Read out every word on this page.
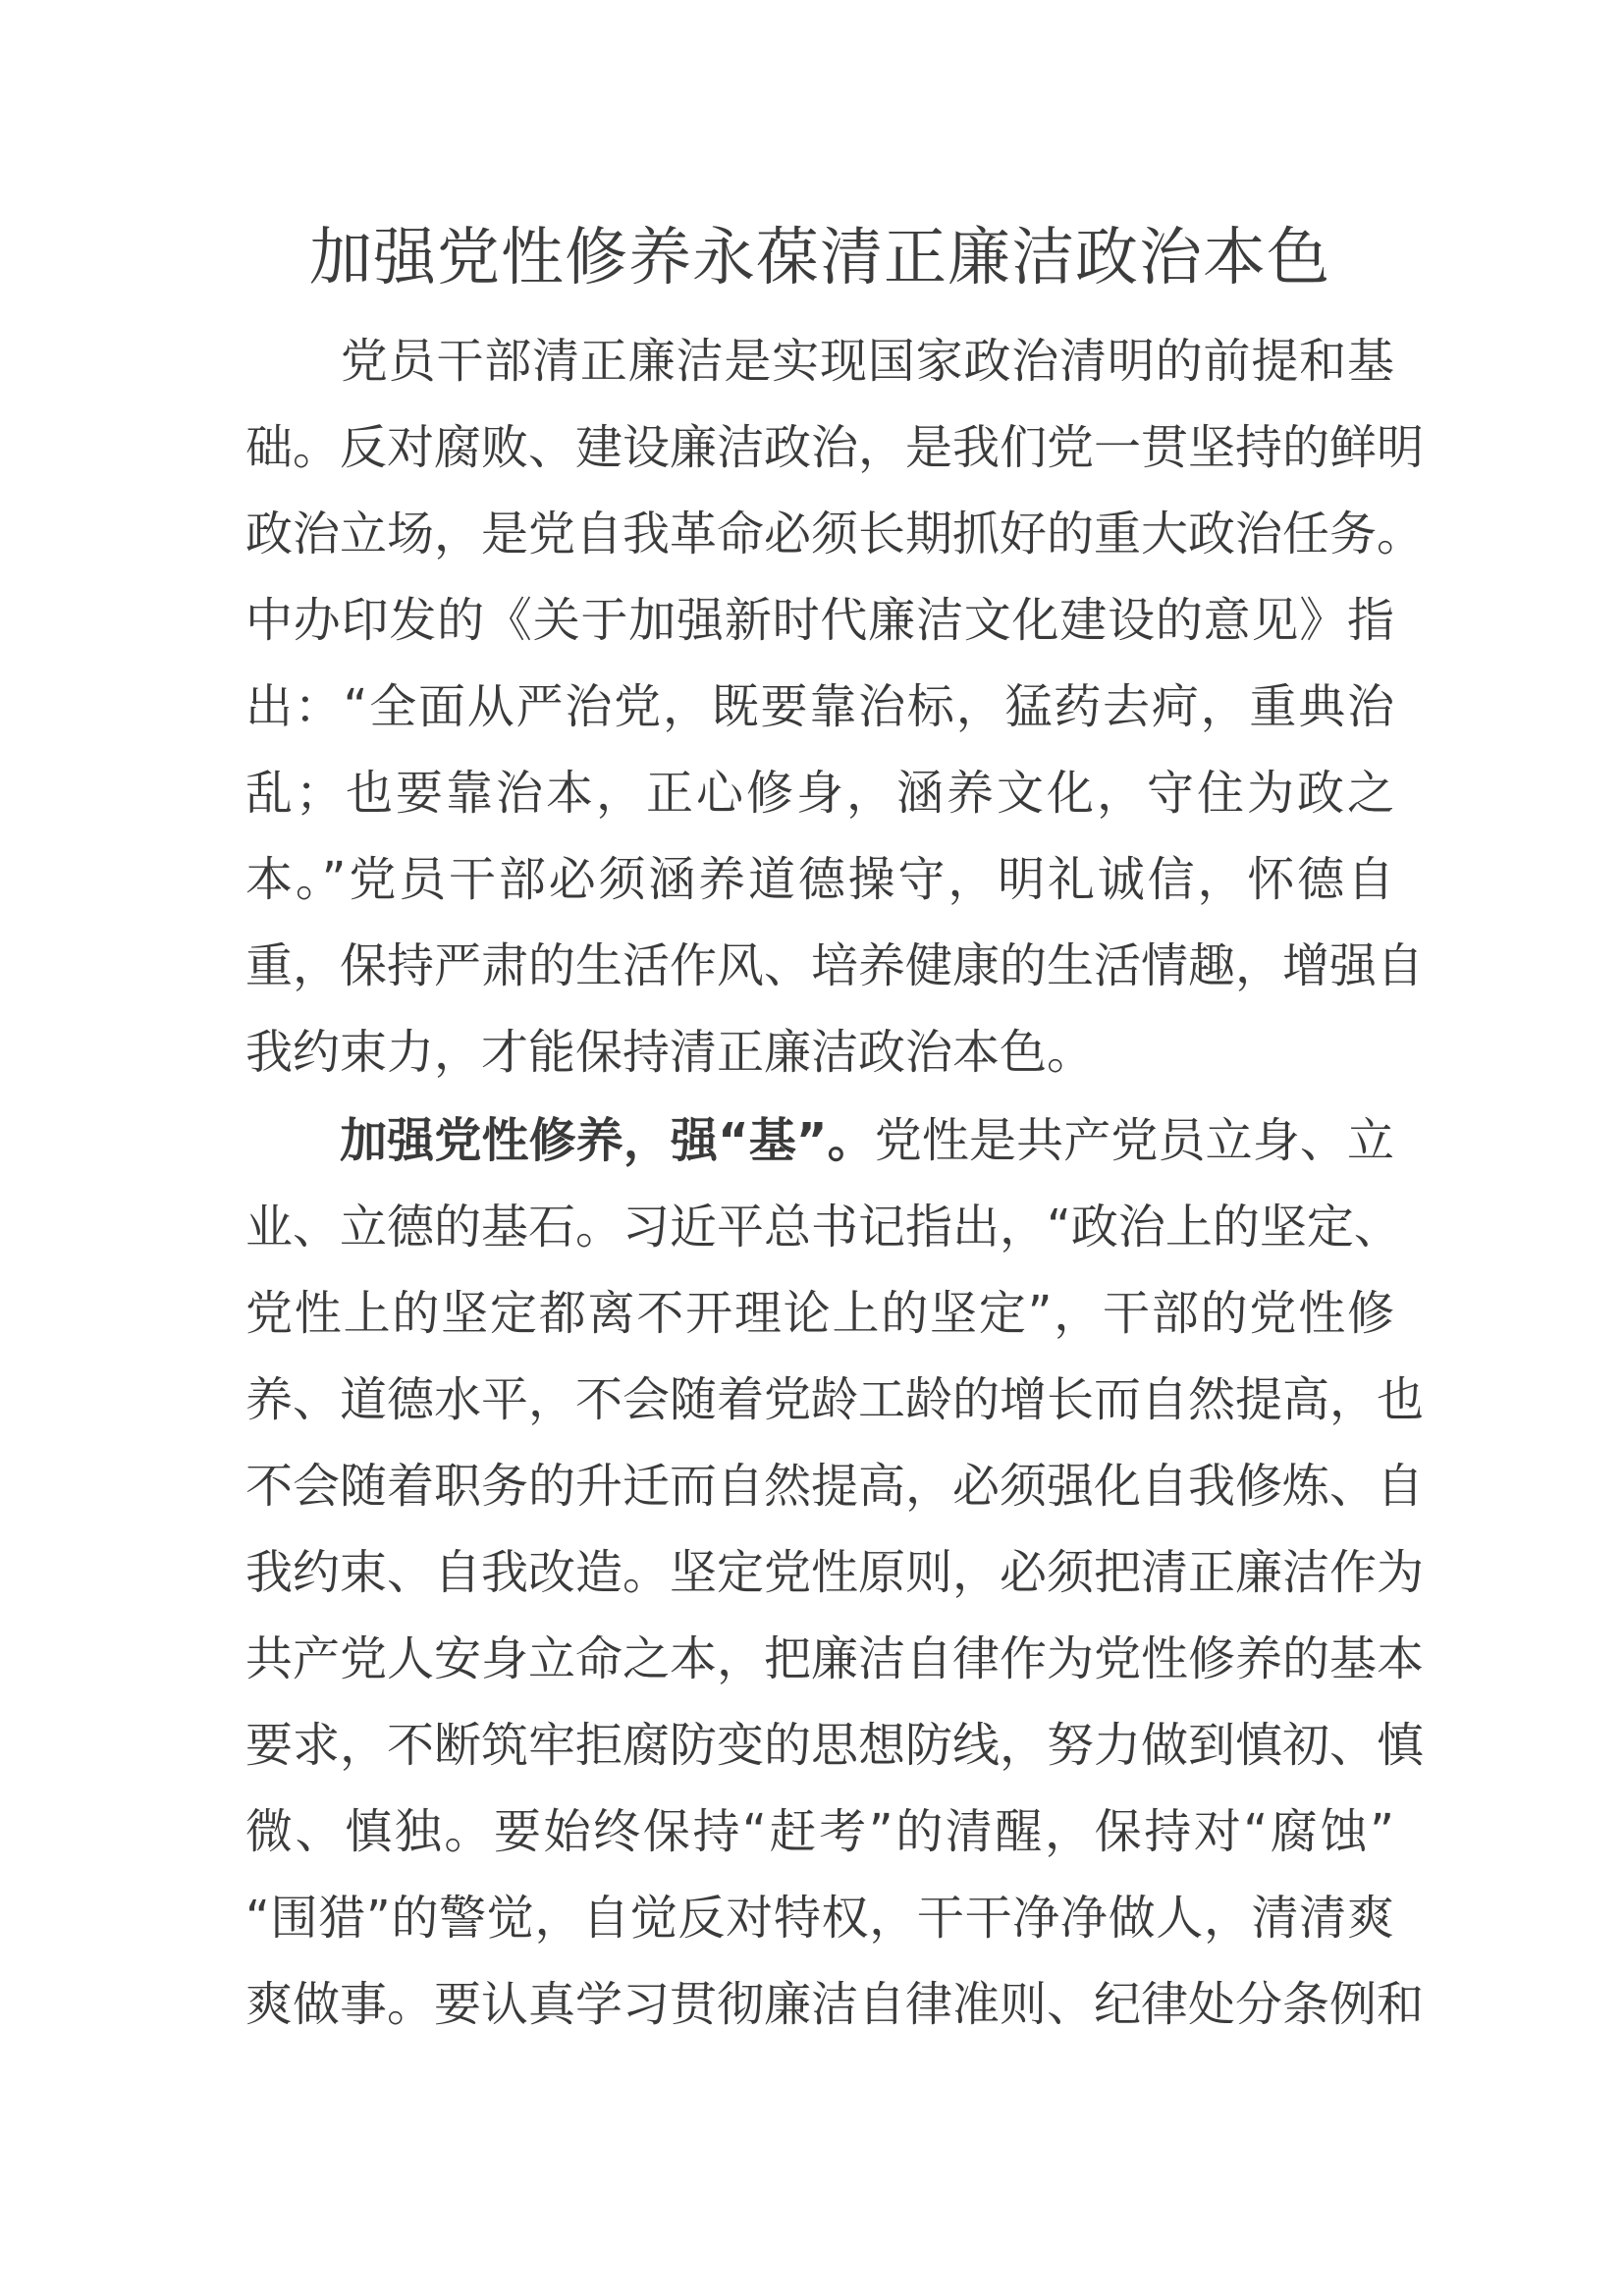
加强党性修养永葆清正廉洁政治本色
党员干部清正廉洁是实现国家政治清明的前提和基
础。反对腐败、建设廉洁政治，是我们党一贯坚持的鲜明
政治立场，是党自我革命必须长期抓好的重大政治任务。
中办印发的《关于加强新时代廉洁文化建设的意见》指
出：“全面从严治党，既要靠治标，猛药去疴，重典治
乱；也要靠治本，正心修身，涵养文化，守住为政之
本。”党员干部必须涵养道德操守，明礼诚信，怀德自
重，保持严肃的生活作风、培养健康的生活情趣，增强自
我约束力，才能保持清正廉洁政治本色。
加强党性修养，强“基”。党性是共产党员立身、立
业、立德的基石。习近平总书记指出，“政治上的坚定、
党性上的坚定都离不开理论上的坚定”，干部的党性修
养、道德水平，不会随着党龄工龄的增长而自然提高，也
不会随着职务的升迁而自然提高，必须强化自我修炼、自
我约束、自我改造。坚定党性原则，必须把清正廉洁作为
共产党人安身立命之本，把廉洁自律作为党性修养的基本
要求，不断筑牢拒腐防变的思想防线，努力做到慎初、慎
微、慎独。要始终保持“赶考”的清醒，保持对“腐蚀”
“围猎”的警觉，自觉反对特权，干干净净做人，清清爽
爽做事。要认真学习贯彻廉洁自律准则、纪律处分条例和
